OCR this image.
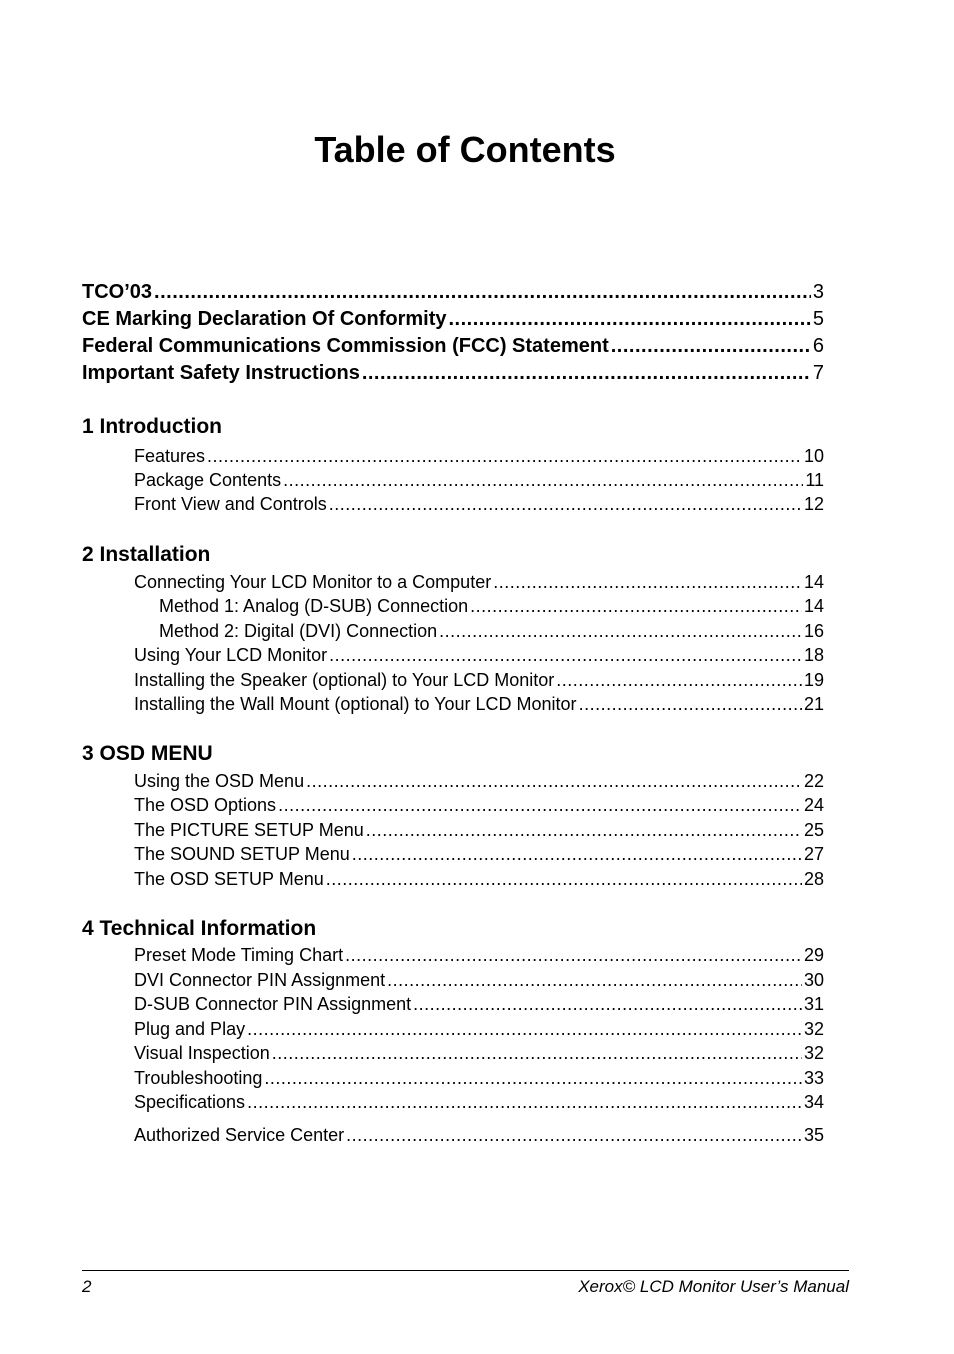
Table of Contents
TCO’03 .....	3
CE Marking Declaration Of Conformity .....	5
Federal Communications Commission (FCC) Statement .....	6
Important Safety Instructions .....	7
1 Introduction
Features .....	10
Package Contents .....	11
Front View and Controls .....	12
2 Installation
Connecting Your LCD Monitor to a Computer .....	14
Method 1: Analog (D-SUB) Connection .....	14
Method 2: Digital (DVI) Connection .....	16
Using Your LCD Monitor .....	18
Installing the Speaker (optional) to Your LCD Monitor .....	19
Installing the Wall Mount (optional) to Your LCD Monitor .....	21
3 OSD MENU
Using the OSD Menu .....	22
The OSD Options .....	24
The PICTURE SETUP Menu .....	25
The SOUND SETUP Menu .....	27
The OSD SETUP Menu .....	28
4 Technical Information
Preset Mode Timing Chart .....	29
DVI Connector PIN Assignment .....	30
D-SUB Connector PIN Assignment .....	31
Plug and Play .....	32
Visual Inspection .....	32
Troubleshooting .....	33
Specifications .....	34
Authorized Service Center .....	35
2	Xerox© LCD Monitor User’s Manual
